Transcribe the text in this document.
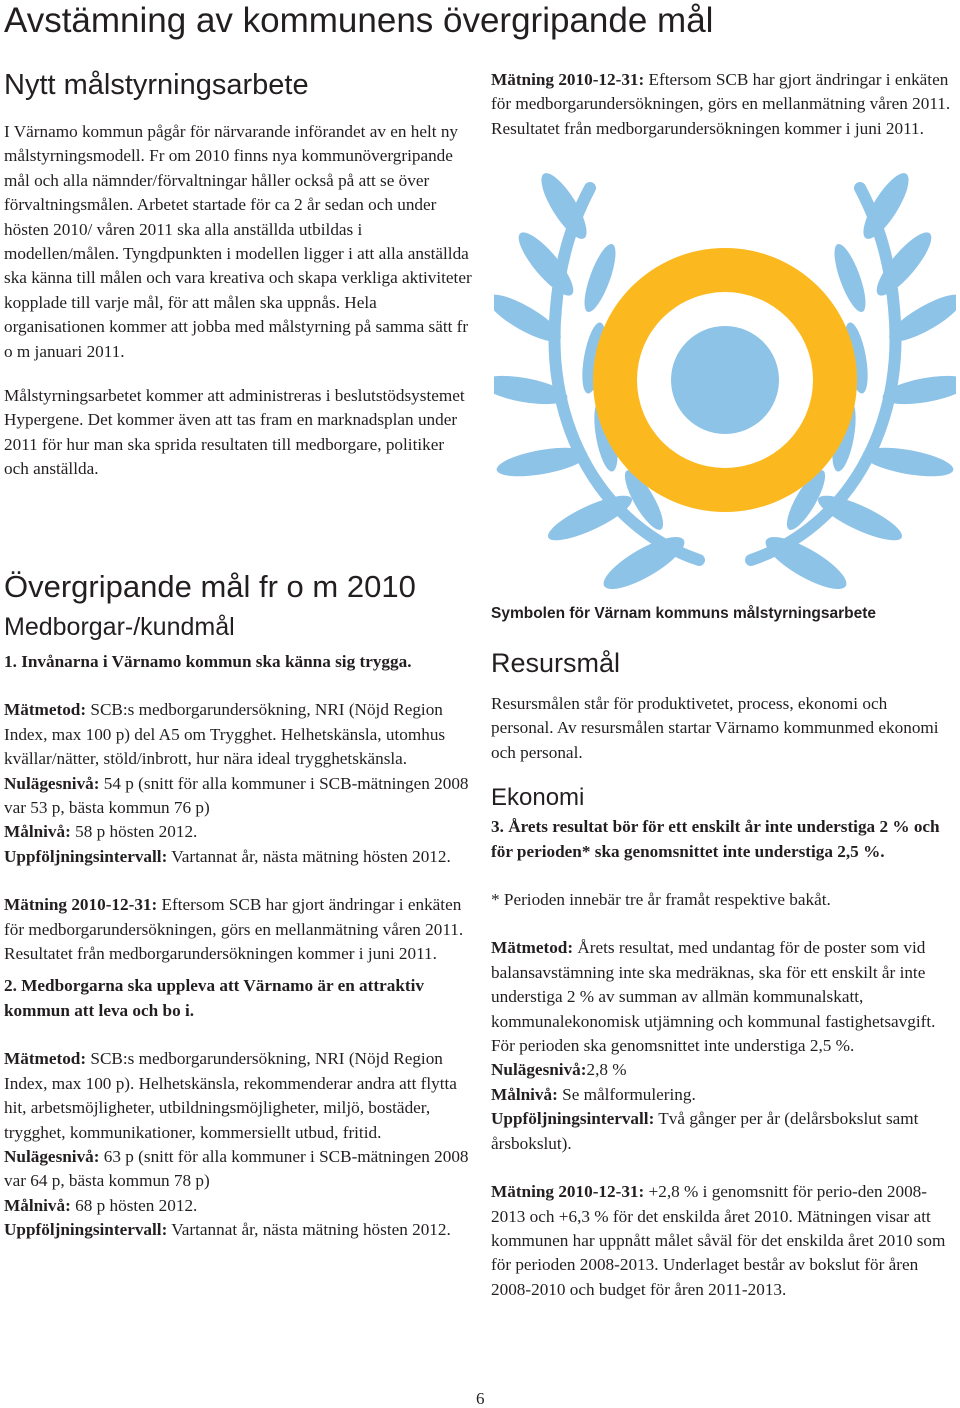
Avstämning av kommunens övergripande mål
Nytt målstyrningsarbete

I Värnamo kommun pågår för närvarande införandet av en helt ny målstyrningsmodell. Fr om 2010 finns nya kommunövergripande mål och alla nämnder/förvaltningar håller också på att se över förvaltningsmålen. Arbetet startade för ca 2 år sedan och under hösten 2010/ våren 2011 ska alla anställda utbildas i modellen/målen. Tyngdpunkten i modellen ligger i att alla anställda ska känna till målen och vara kreativa och skapa verkliga aktiviteter kopplade till varje mål, för att målen ska uppnås. Hela organisationen kommer att jobba med målstyrning på samma sätt fr o m januari 2011.

Målstyrningsarbetet kommer att administreras i beslutstödsystemet Hypergene. Det kommer även att tas fram en marknadsplan under 2011 för hur man ska sprida resultaten till medborgare, politiker och anställda.

Övergripande mål fr o m 2010
Medborgar-/kundmål

1. Invånarna i Värnamo kommun ska känna sig trygga.

Mätmetod: SCB:s medborgarundersökning, NRI (Nöjd Region Index, max 100 p) del A5 om Trygghet. Helhetskänsla, utomhus kvällar/nätter, stöld/inbrott, hur nära ideal trygghetskänsla.

Nulägesnivå: 54 p (snitt för alla kommuner i SCB-mätningen 2008 var 53 p, bästa kommun 76 p)

Målnivå: 58 p hösten 2012.

Uppföljningsintervall: Vartannat år, nästa mätning hösten 2012.

Mätning 2010-12-31: Eftersom SCB har gjort ändringar i enkäten för medborgarundersökningen, görs en mellanmätning våren 2011. Resultatet från medborgarundersökningen kommer i juni 2011.

2. Medborgarna ska uppleva att Värnamo är en attraktiv kommun att leva och bo i.

Mätmetod: SCB:s medborgarundersökning, NRI (Nöjd Region Index, max 100 p). Helhetskänsla, rekommenderar andra att flytta hit, arbetsmöjligheter, utbildningsmöjligheter, miljö, bostäder, trygghet, kommunikationer, kommersiellt utbud, fritid.

Nulägesnivå: 63 p (snitt för alla kommuner i SCB-mätningen 2008 var 64 p, bästa kommun 78 p)

Målnivå: 68 p hösten 2012.

Uppföljningsintervall: Vartannat år, nästa mätning hösten 2012.

Mätning 2010-12-31: Eftersom SCB har gjort ändringar i enkäten för medborgarundersökningen, görs en mellanmätning våren 2011. Resultatet från medborgarundersökningen kommer i juni 2011.

Symbolen för Värnam kommuns målstyrningsarbete
Resursmål

Resursmålen står för produktivetet, process, ekonomi och personal. Av resursmålen startar Värnamo kommunmed ekonomi och personal.

Ekonomi

3. Årets resultat bör för ett enskilt år inte understiga 2 % och för perioden* ska genomsnittet inte understiga 2,5 %.

* Perioden innebär tre år framåt respektive bakåt.

Mätmetod: Årets resultat, med undantag för de poster som vid balansavstämning inte ska medräknas, ska för ett enskilt år inte understiga 2 % av summan av allmän kommunalskatt, kommunalekonomisk utjämning och kommunal fastighetsavgift. För perioden ska genomsnittet inte understiga 2,5 %.

Nulägesnivå:2,8 %

Målnivå: Se målformulering.

Uppföljningsintervall: Två gånger per år (delårsbokslut samt årsbokslut).

Mätning 2010-12-31: +2,8 % i genomsnitt för perio-den 2008-2013 och +6,3 % för det enskilda året 2010. Mätningen visar att kommunen har uppnått målet såväl för det enskilda året 2010 som för perioden 2008-2013. Underlaget består av bokslut för åren 2008-2010 och budget för åren 2011-2013.

6
